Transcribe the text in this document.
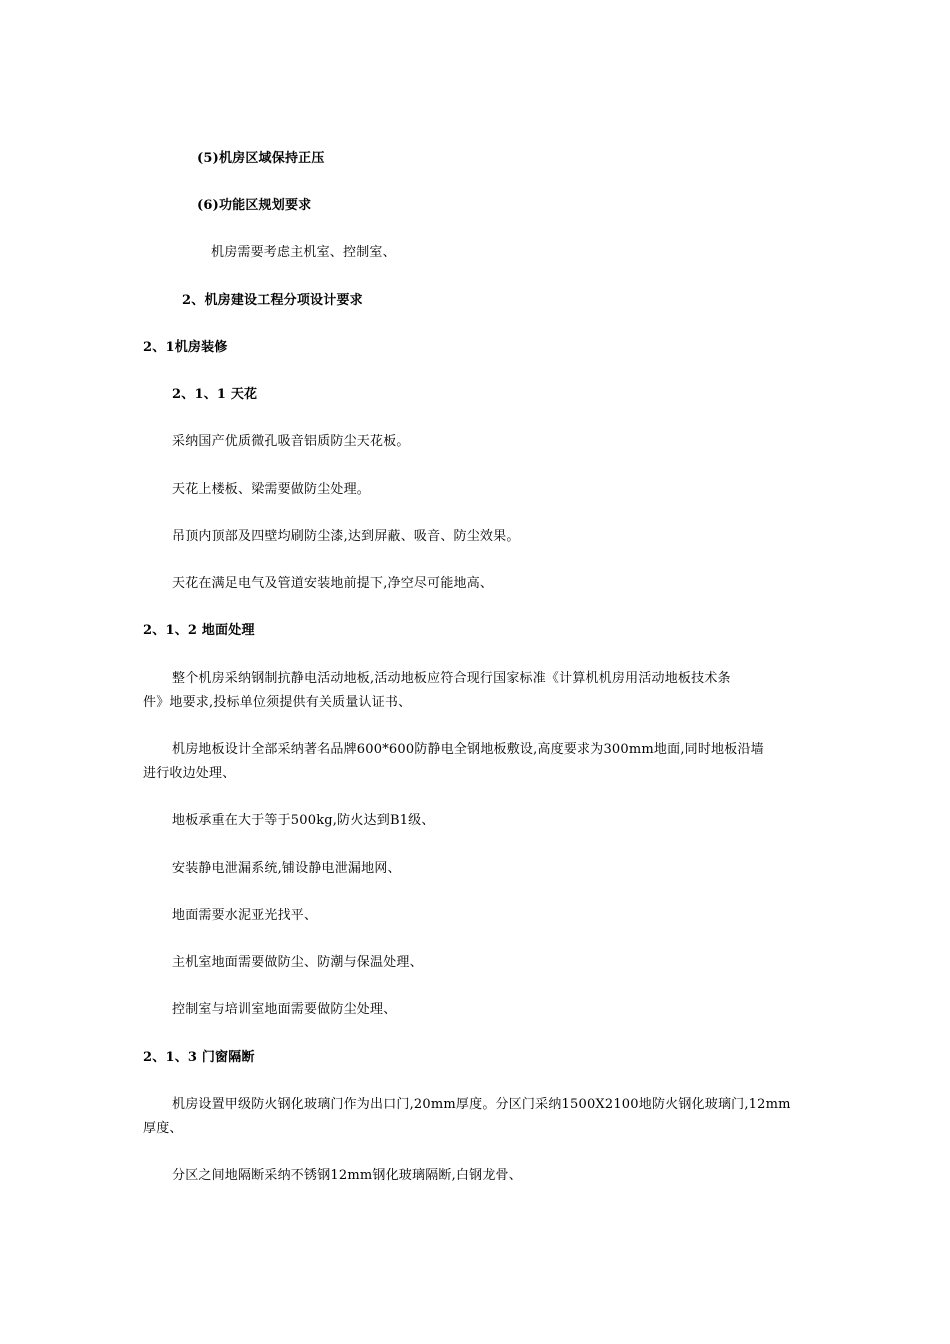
(5)机房区域保持正压
(6)功能区规划要求
机房需要考虑主机室、控制室、
2、机房建设工程分项设计要求
2、1机房装修
2、1、1 天花
采纳国产优质微孔吸音铝质防尘天花板。
天花上楼板、梁需要做防尘处理。
吊顶内顶部及四壁均刷防尘漆,达到屏蔽、吸音、防尘效果。
天花在满足电气及管道安装地前提下,净空尽可能地高、
2、1、2 地面处理
整个机房采纳钢制抗静电活动地板,活动地板应符合现行国家标准《计算机机房用活动地板技术条
件》地要求,投标单位须提供有关质量认证书、
机房地板设计全部采纳著名品牌600*600防静电全钢地板敷设,高度要求为300mm地面,同时地板沿墙
进行收边处理、
地板承重在大于等于500kg,防火达到B1级、
安装静电泄漏系统,铺设静电泄漏地网、
地面需要水泥亚光找平、
主机室地面需要做防尘、防潮与保温处理、
控制室与培训室地面需要做防尘处理、
2、1、3 门窗隔断
机房设置甲级防火钢化玻璃门作为出口门,20mm厚度。分区门采纳1500X2100地防火钢化玻璃门,12mm
厚度、
分区之间地隔断采纳不锈钢12mm钢化玻璃隔断,白钢龙骨、
